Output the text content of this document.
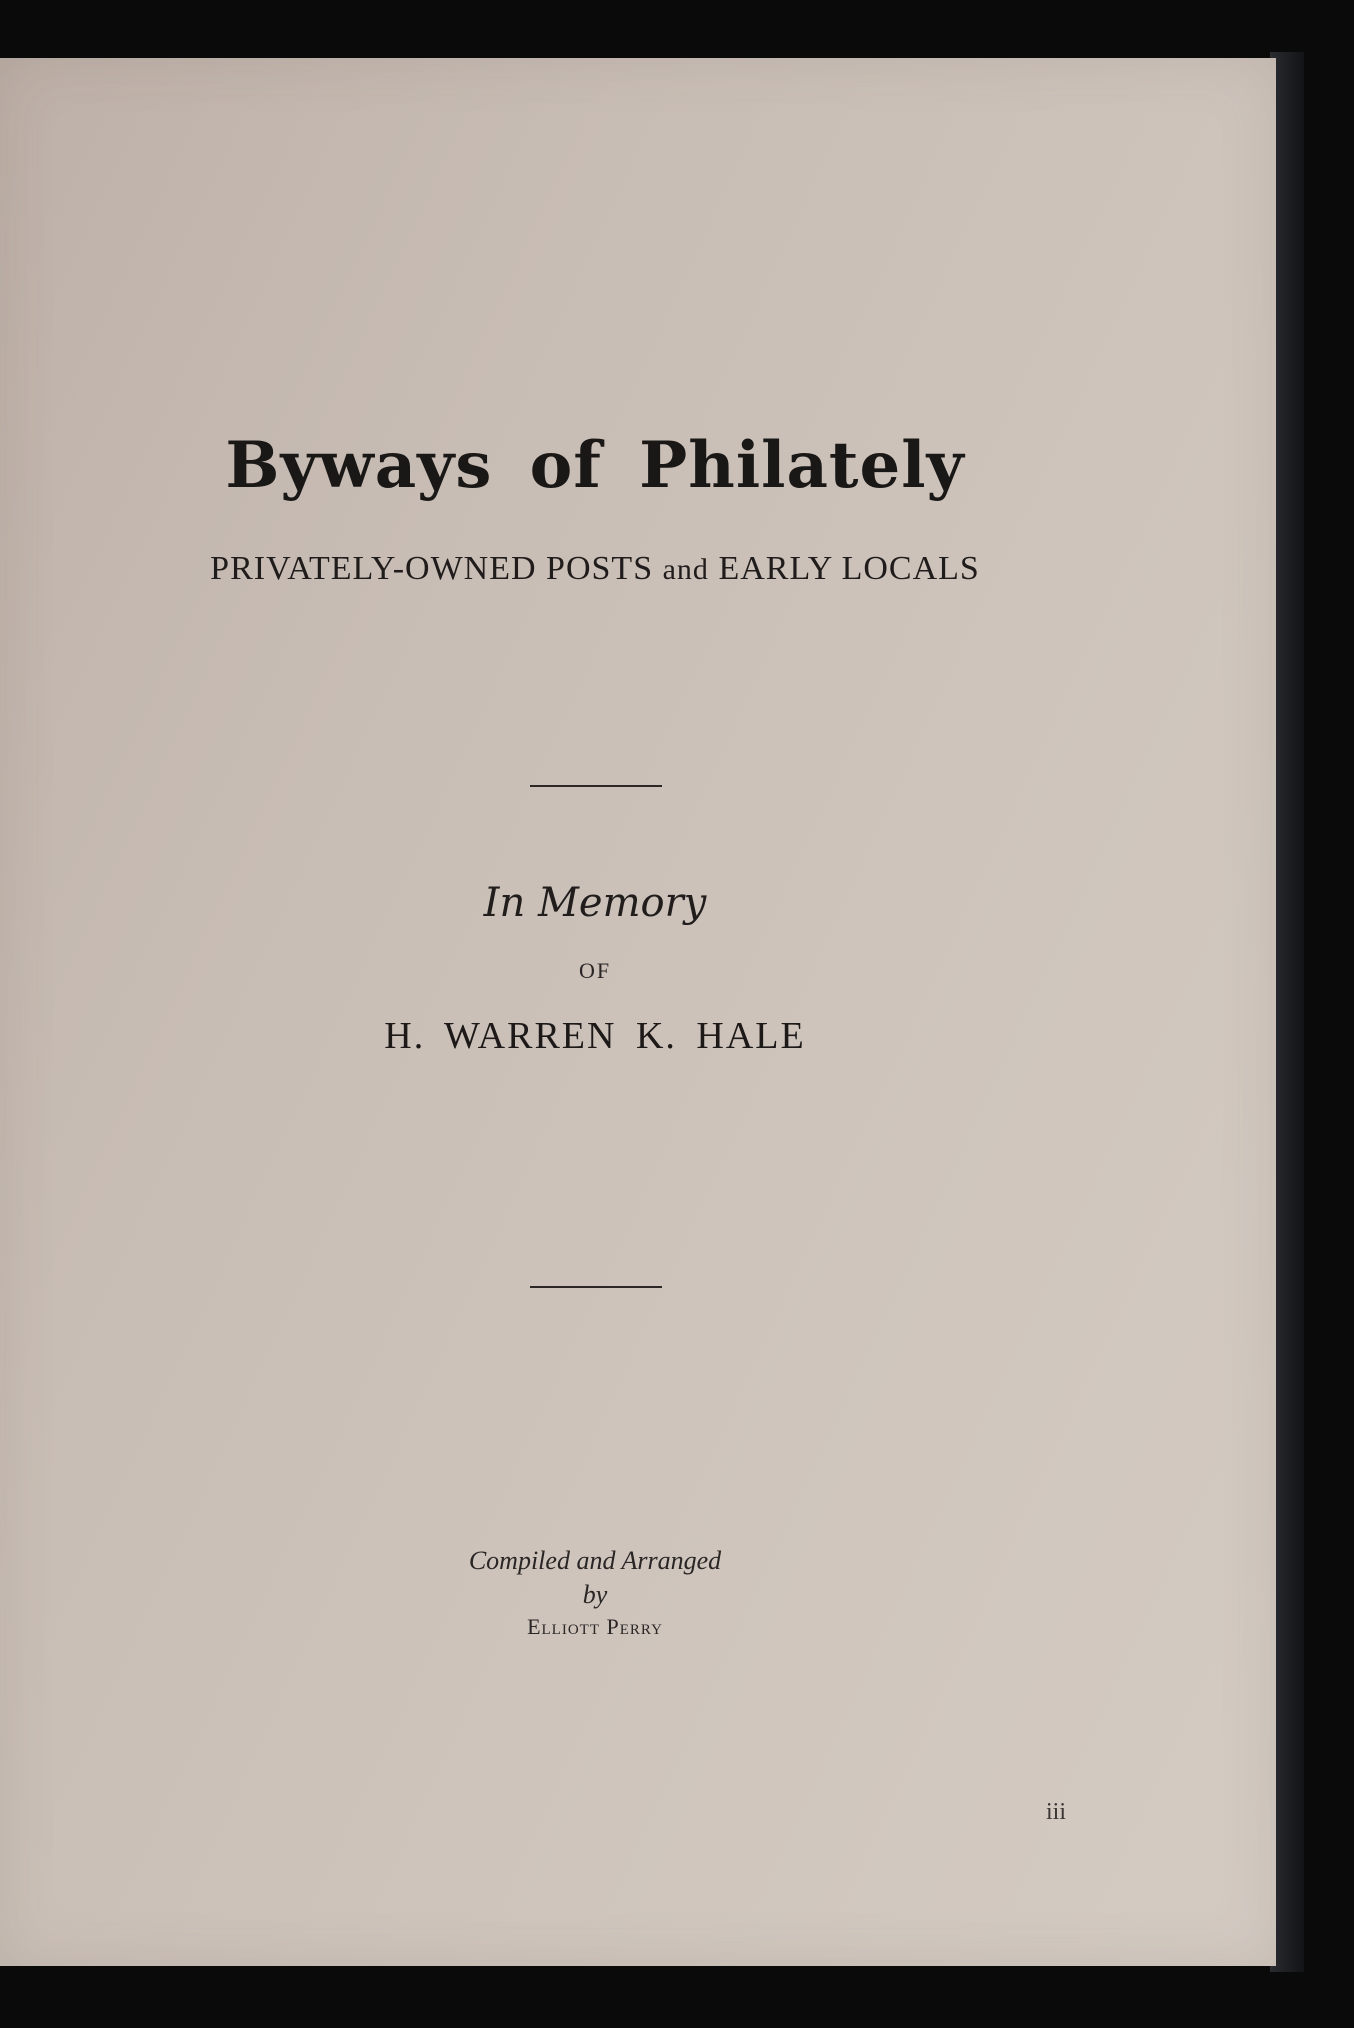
Byways of Philately
PRIVATELY-OWNED POSTS and EARLY LOCALS
In Memory
OF
H. WARREN K. HALE
Compiled and Arranged
by
Elliott Perry
iii
